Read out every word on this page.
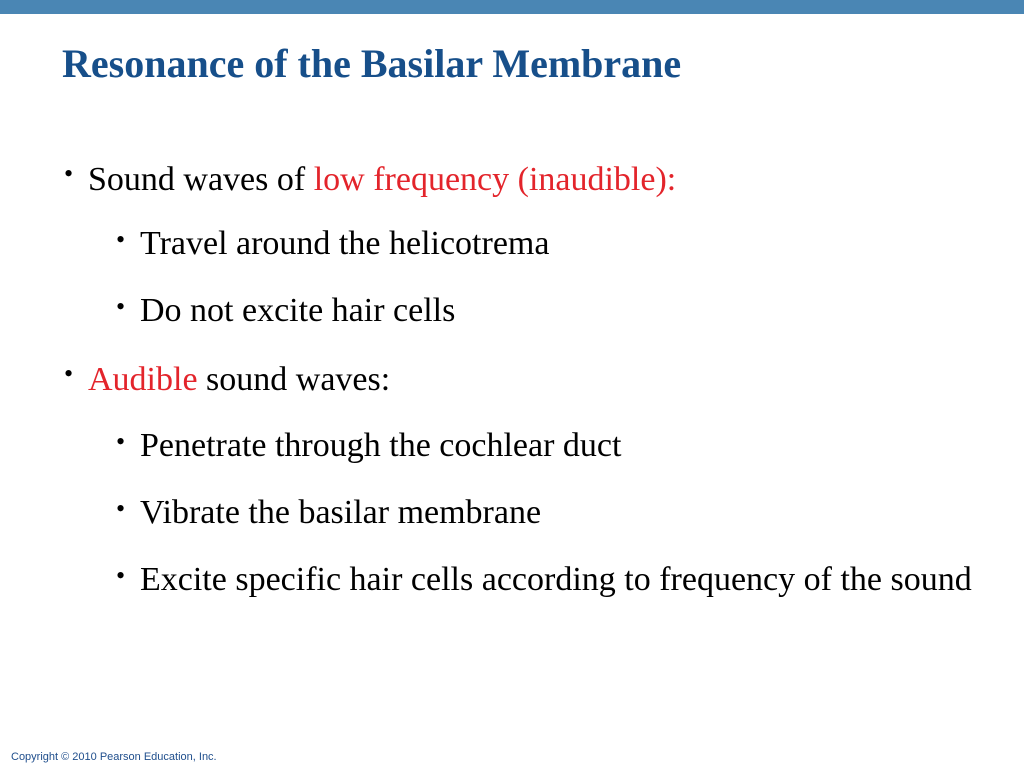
Resonance of the Basilar Membrane
• Sound waves of low frequency (inaudible):
• Travel around the helicotrema
• Do not excite hair cells
• Audible sound waves:
• Penetrate through the cochlear duct
• Vibrate the basilar membrane
• Excite specific hair cells according to frequency of the sound
Copyright © 2010 Pearson Education, Inc.
